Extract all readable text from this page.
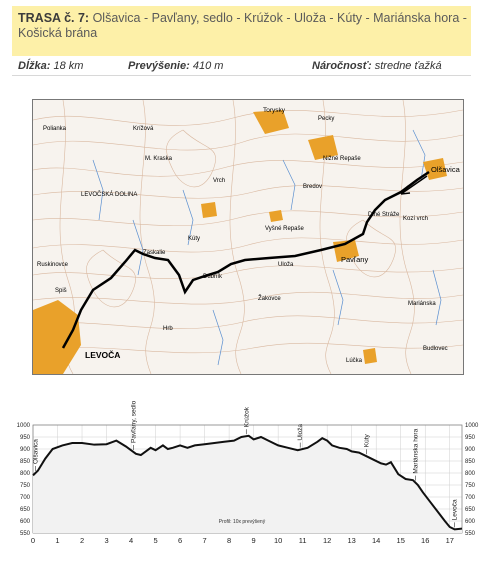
TRASA č. 7: Olšavica - Pavľany, sedlo - Krúžok - Uloža - Kúty - Mariánska hora - Košická brána
Dĺžka: 18 km	Prevýšenie: 410 m	Náročnosť: stredne ťažká
Olšavica
Pavľany
LEVOČA
Torysky
Nižné Repaše
Vyšné Repaše
Lúčka
Ruskinovce
LEVOČSKÁ DOLINA
M. Kraska
Krížová
Zaskalie
Dubník
Žakovce
Uloža
Dlhé Stráže
Pecky
Bredov
Polianka
Mariánska
Kúty
Budlovec
Spiš
Vrch
Hrb
Kozí vrch
Olšavica
Pavľany, sedlo	Krúžok
Uloža
Kúty	Mariánska hora
Levoča
550	550
600	600
650	650
700	700
750	750
800	800
850	850
900	900
950	950
1000	1000
0	1	2	3	4	5	6	7	8	9 10 11 12 13 14 15 16 17
Profil: 10x prevýšený
